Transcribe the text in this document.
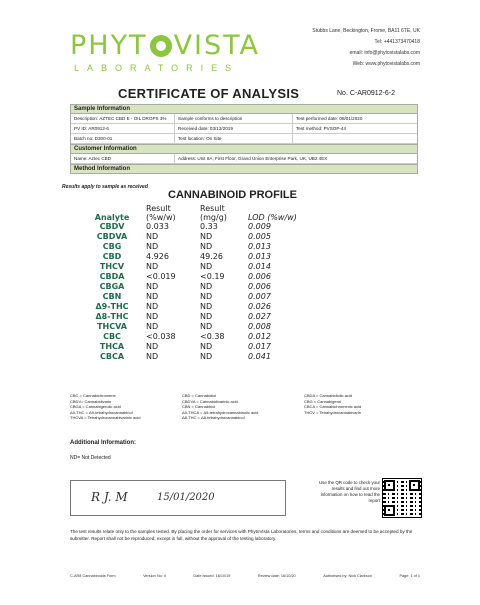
PHYT VISTA
LABORATORIES
Stubbs Lane, Beckington, Frome, BA11 6TE, UK
Tel: +441373470418
email: info@phytovistalabs.com
Web: www.phytovistalabs.com
CERTIFICATE OF ANALYSIS	No. C-AR0912-6-2
Sample Information
Description: AZTEC CBD E - OIL DROPS 3%	Sample conforms to description	Test performed date: 08/01/2020
PV ID: AR0912-6	Received date: 03/12/2019	Test method: PVSOP-44
Batch no: D300-01	Test location: On Site
Customer Information
Name: Aztec CBD	Address: Unit 8A, First Floor, Grand Union Enterprise Park, UK, UB2 4EX
Method Information
Results apply to sample as received
CANNABINOID PROFILE
Analyte	Result (%w/w)	Result (mg/g)	LOD (%w/w)
CBDV	0.033	0.33	0.009
CBDVA	ND	ND	0.005
CBG	ND	ND	0.013
CBD	4.926	49.26	0.013
THCV	ND	ND	0.014
CBDA	<0.019	<0.19	0.006
CBGA	ND	ND	0.006
CBN	ND	ND	0.007
Δ9-THC	ND	ND	0.026
Δ8-THC	ND	ND	0.027
THCVA	ND	ND	0.008
CBC	<0.038	<0.38	0.012
THCA	ND	ND	0.017
CBCA	ND	ND	0.041
CBC = Cannabichromene
CBDV= Cannabidivarin
CBGA = Cannabigerolic acid
Δ9-THC = Δ9-tetrahydrocannabinol
THCVA = Tetrahydrocannabivarinic acid
CBD = Cannabidiol
CBDVA = Cannabidivarinic acid
CBN = Cannabinol
Δ9-THCA = Δ9-tetrahydrocannabinolic acid
Δ8-THC = Δ8-tetrahydrocannabinol
CBDA = Cannabidiolic acid
CBG = Cannabigerol
CBCA = Cannabichromenic acid
THCV = Tetrahydrocannabivarin
Additional Information:
ND= Not Detected
R J. M	15/01/2020
Use the QR code to check your results and find out more information on how to read the report
The test results relate only to the samples tested. By placing the order for services with PhytoVista Laboratories, terms and conditions are deemed to be accepted by the submitter. Report shall not be reproduced, except in full, without the approval of the testing laboratory.
C-AR8 Cannabinoids Form	Version No: 4	Date issued: 16/10/19	Review date: 16/10/20	Authorised by: Nick Clarkson	Page: 1 of 1
